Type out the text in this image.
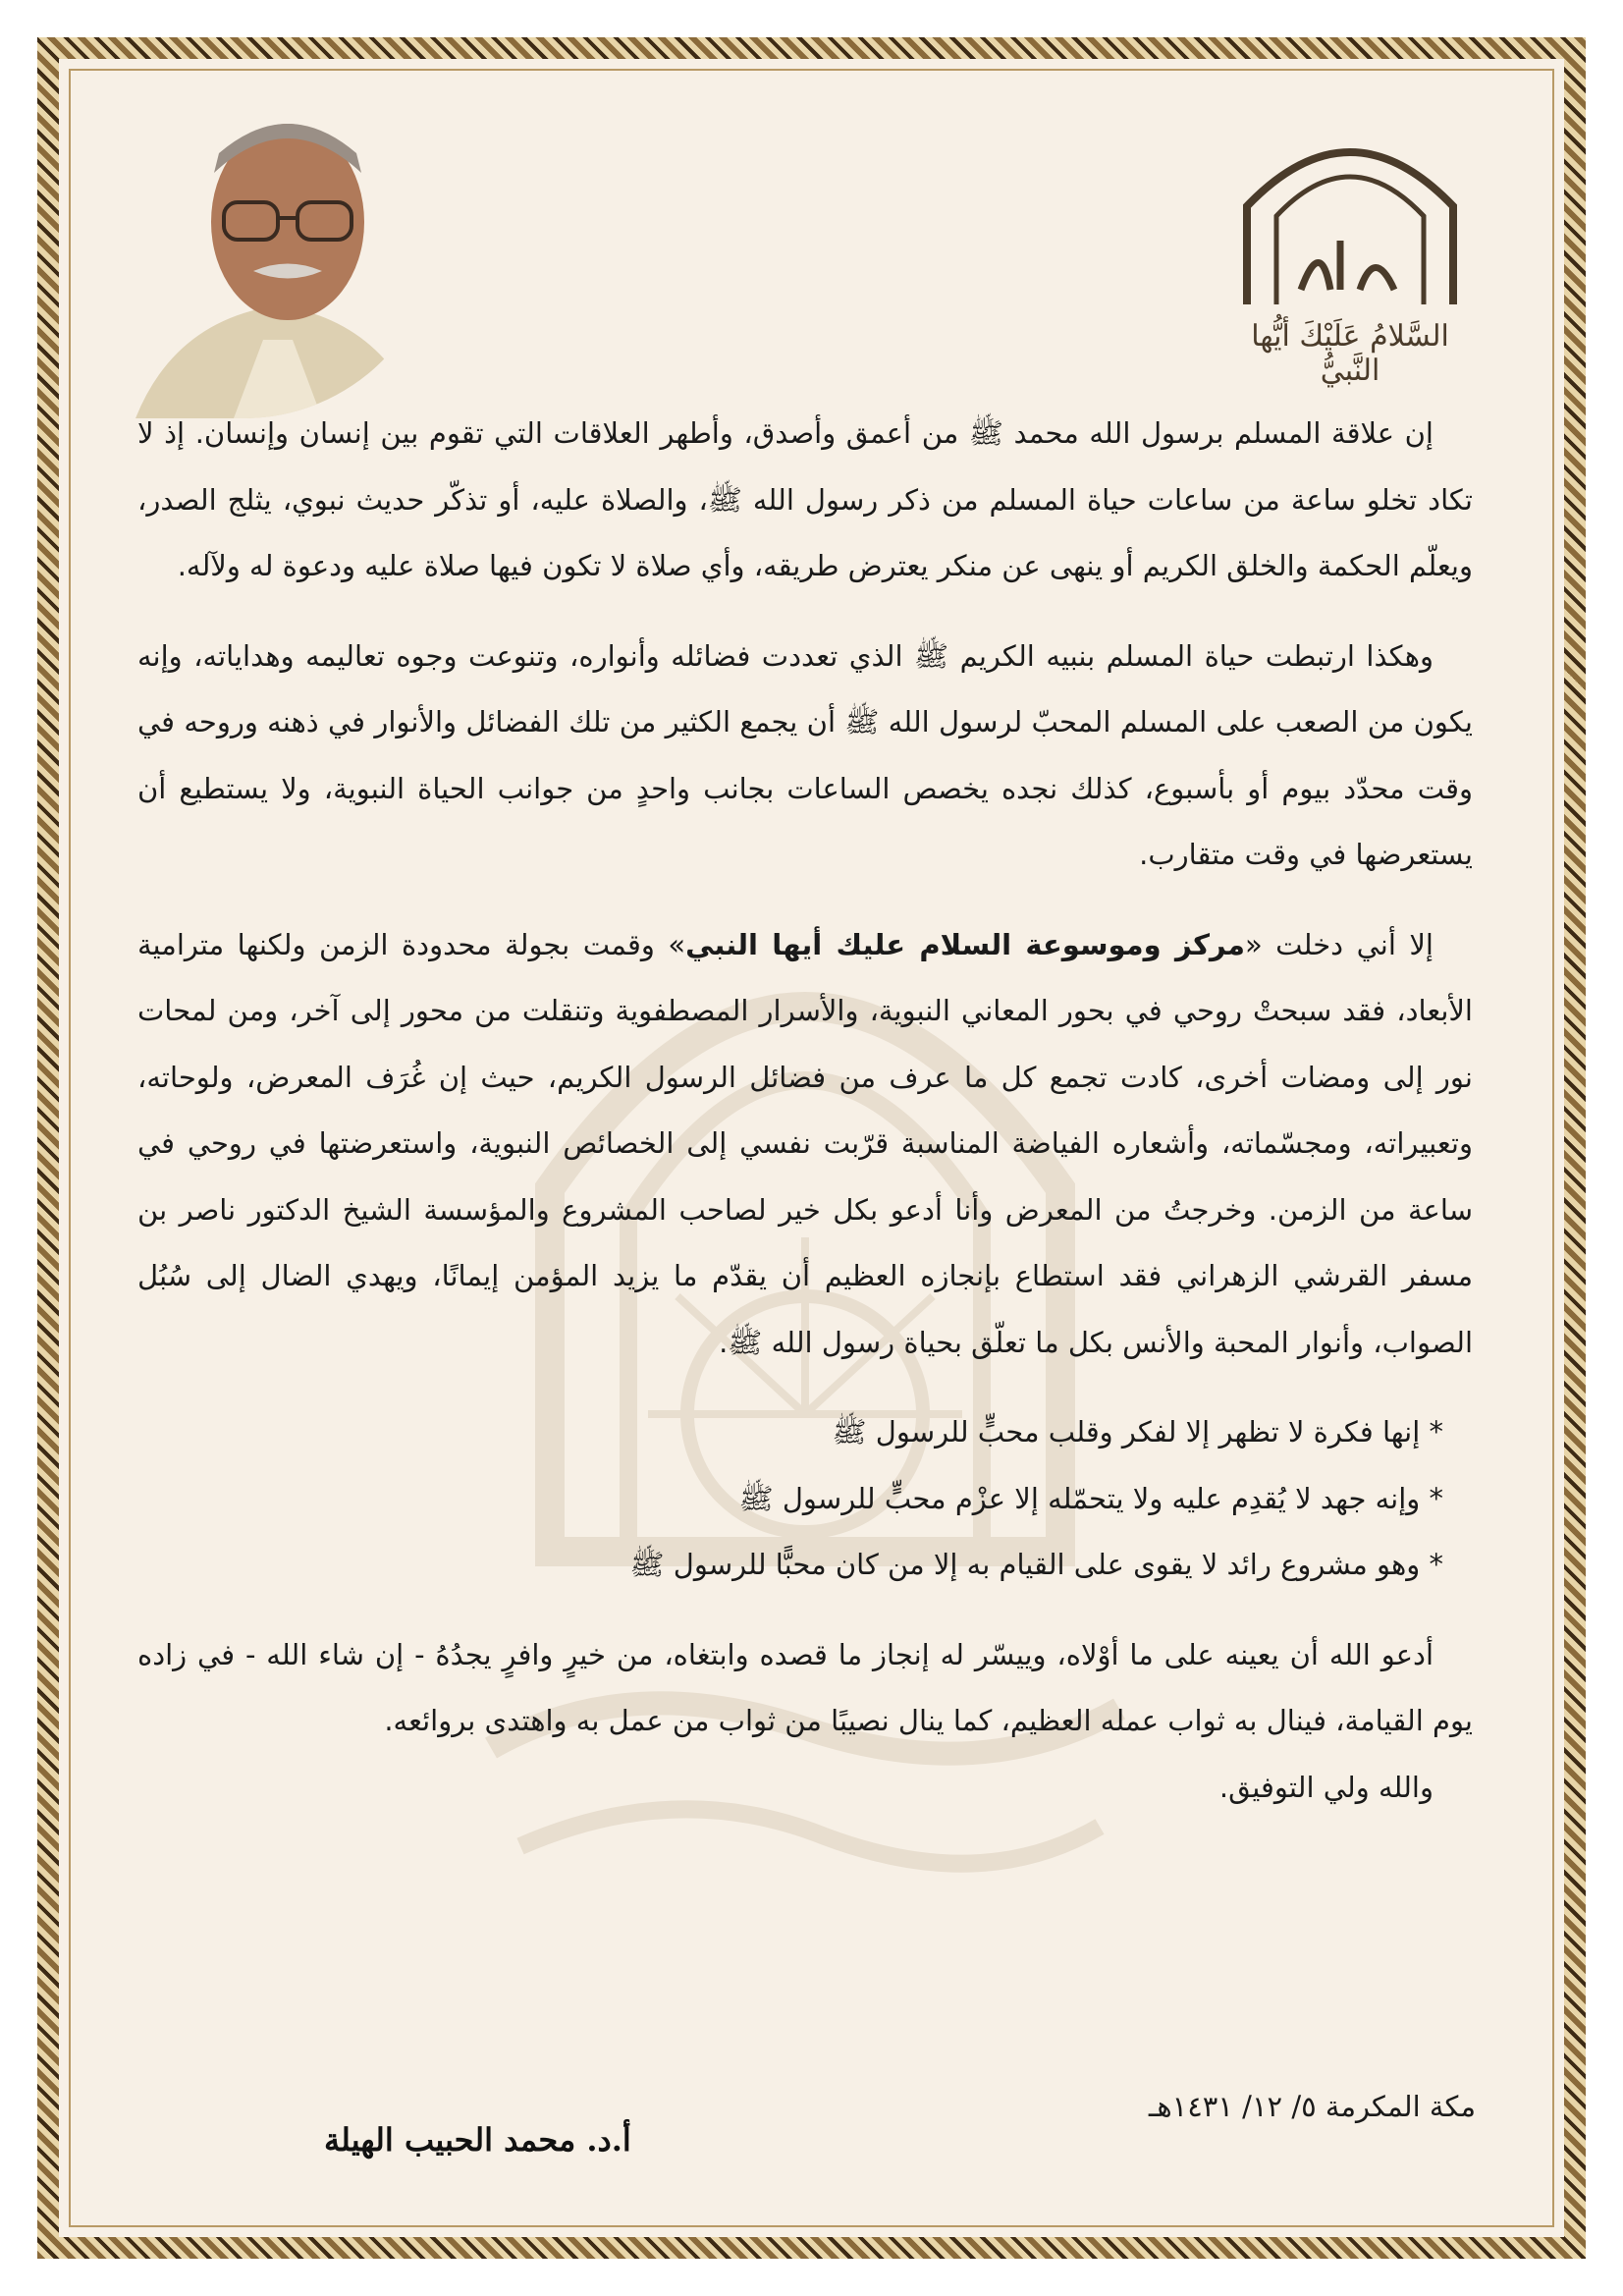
السَّلامُ عَلَيْكَ أيُّها النَّبيُّ

إن علاقة المسلم برسول الله محمد ﷺ من أعمق وأصدق، وأطهر العلاقات التي تقوم بين إنسان وإنسان. إذ لا تكاد تخلو ساعة من ساعات حياة المسلم من ذكر رسول الله ﷺ، والصلاة عليه، أو تذكّر حديث نبوي، يثلج الصدر، ويعلّم الحكمة والخلق الكريم أو ينهى عن منكر يعترض طريقه، وأي صلاة لا تكون فيها صلاة عليه ودعوة له ولآله.

وهكذا ارتبطت حياة المسلم بنبيه الكريم ﷺ الذي تعددت فضائله وأنواره، وتنوعت وجوه تعاليمه وهداياته، وإنه يكون من الصعب على المسلم المحبّ لرسول الله ﷺ أن يجمع الكثير من تلك الفضائل والأنوار في ذهنه وروحه في وقت محدّد بيوم أو بأسبوع، كذلك نجده يخصص الساعات بجانب واحدٍ من جوانب الحياة النبوية، ولا يستطيع أن يستعرضها في وقت متقارب.

إلا أني دخلت «مركز وموسوعة السلام عليك أيها النبي» وقمت بجولة محدودة الزمن ولكنها مترامية الأبعاد، فقد سبحتْ روحي في بحور المعاني النبوية، والأسرار المصطفوية وتنقلت من محور إلى آخر، ومن لمحات نور إلى ومضات أخرى، كادت تجمع كل ما عرف من فضائل الرسول الكريم، حيث إن غُرَف المعرض، ولوحاته، وتعبيراته، ومجسّماته، وأشعاره الفياضة المناسبة قرّبت نفسي إلى الخصائص النبوية، واستعرضتها في روحي في ساعة من الزمن. وخرجتُ من المعرض وأنا أدعو بكل خير لصاحب المشروع والمؤسسة الشيخ الدكتور ناصر بن مسفر القرشي الزهراني فقد استطاع بإنجازه العظيم أن يقدّم ما يزيد المؤمن إيمانًا، ويهدي الضال إلى سُبُل الصواب، وأنوار المحبة والأنس بكل ما تعلّق بحياة رسول الله ﷺ.

* إنها فكرة لا تظهر إلا لفكر وقلب محبٍّ للرسول ﷺ
* وإنه جهد لا يُقدِم عليه ولا يتحمّله إلا عزْم محبٍّ للرسول ﷺ
* وهو مشروع رائد لا يقوى على القيام به إلا من كان محبًّا للرسول ﷺ

أدعو الله أن يعينه على ما أوْلاه، وييسّر له إنجاز ما قصده وابتغاه، من خيرٍ وافرٍ يجدُهُ - إن شاء الله - في زاده يوم القيامة، فينال به ثواب عمله العظيم، كما ينال نصيبًا من ثواب من عمل به واهتدى بروائعه.

والله ولي التوفيق.

مكة المكرمة ٥/ ١٢/ ١٤٣١هـ
أ.د. محمد الحبيب الهيلة
